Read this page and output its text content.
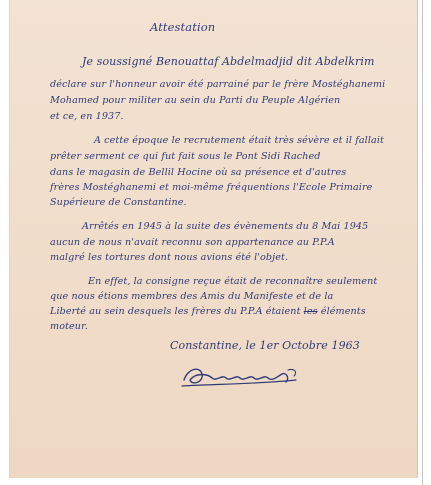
Attestation
Je soussigné Benouattaf Abdelmadjid dit Abdelkrim
déclare sur l'honneur avoir été parrainé par le frère Mostéghanemi
Mohamed pour militer au sein du Parti du Peuple Algérien
et ce, en 1937.
A cette époque le recrutement était très sévère et il fallait
prêter serment ce qui fut fait sous le Pont Sidi Rached
dans le magasin de Bellil Hocine où sa présence et d'autres
frères Mostéghanemi et moi-même fréquentions l'Ecole Primaire
Supérieure de Constantine.
Arrêtés en 1945 à la suite des évènements du 8 Mai 1945
aucun de nous n'avait reconnu son appartenance au P.P.A
malgré les tortures dont nous avions été l'objet.
En effet, la consigne reçue était de reconnaître seulement
que nous étions membres des Amis du Manifeste et de la
Liberté au sein desquels les frères du P.P.A étaient les éléments
moteur.
Constantine, le 1er Octobre 1963
